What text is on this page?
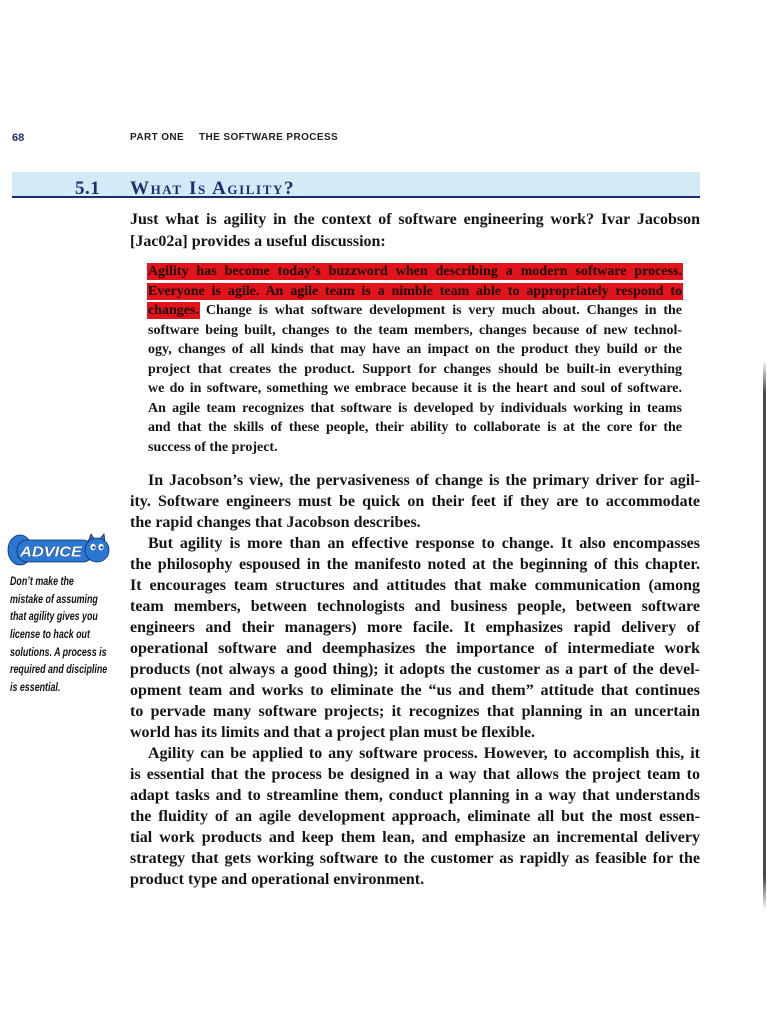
68	PART ONE THE SOFTWARE PROCESS
5.1 What Is Agility?
Just what is agility in the context of software engineering work? Ivar Jacobson
[Jac02a] provides a useful discussion:
Agility has become today’s buzzword when describing a modern software process.
Everyone is agile. An agile team is a nimble team able to appropriately respond to
changes. Change is what software development is very much about. Changes in the
software being built, changes to the team members, changes because of new technol-
ogy, changes of all kinds that may have an impact on the product they build or the
project that creates the product. Support for changes should be built-in everything
we do in software, something we embrace because it is the heart and soul of software.
An agile team recognizes that software is developed by individuals working in teams
and that the skills of these people, their ability to collaborate is at the core for the
success of the project.
In Jacobson’s view, the pervasiveness of change is the primary driver for agil-
ity. Software engineers must be quick on their feet if they are to accommodate
the rapid changes that Jacobson describes.
But agility is more than an effective response to change. It also encompasses
the philosophy espoused in the manifesto noted at the beginning of this chapter.
It encourages team structures and attitudes that make communication (among
team members, between technologists and business people, between software
engineers and their managers) more facile. It emphasizes rapid delivery of
operational software and deemphasizes the importance of intermediate work
products (not always a good thing); it adopts the customer as a part of the devel-
opment team and works to eliminate the “us and them” attitude that continues
to pervade many software projects; it recognizes that planning in an uncertain
world has its limits and that a project plan must be flexible.
Agility can be applied to any software process. However, to accomplish this, it
is essential that the process be designed in a way that allows the project team to
adapt tasks and to streamline them, conduct planning in a way that understands
the fluidity of an agile development approach, eliminate all but the most essen-
tial work products and keep them lean, and emphasize an incremental delivery
strategy that gets working software to the customer as rapidly as feasible for the
product type and operational environment.
ADVICE
Don’t make the
mistake of assuming
that agility gives you
license to hack out
solutions. A process is
required and discipline
is essential.
